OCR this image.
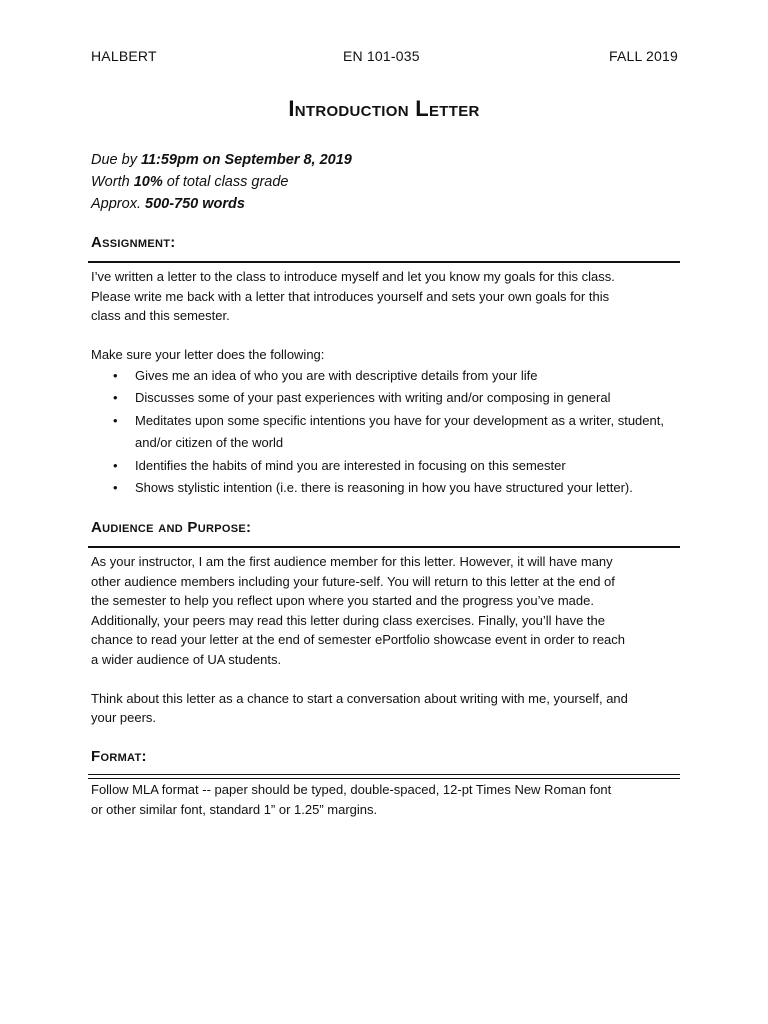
HALBERT	EN 101-035	FALL 2019
Introduction Letter
Due by 11:59pm on September 8, 2019
Worth 10% of total class grade
Approx. 500-750 words
Assignment:

I’ve written a letter to the class to introduce myself and let you know my goals for this class.

Please write me back with a letter that introduces yourself and sets your own goals for this

class and this semester.

Make sure your letter does the following:

• Gives me an idea of who you are with descriptive details from your life
• Discusses some of your past experiences with writing and/or composing in general
• Meditates upon some specific intentions you have for your development as a writer, student, and/or citizen of the world
• Identifies the habits of mind you are interested in focusing on this semester
• Shows stylistic intention (i.e. there is reasoning in how you have structured your letter).
Audience and Purpose:

As your instructor, I am the first audience member for this letter. However, it will have many

other audience members including your future-self. You will return to this letter at the end of

the semester to help you reflect upon where you started and the progress you’ve made.

Additionally, your peers may read this letter during class exercises. Finally, you’ll have the

chance to read your letter at the end of semester ePortfolio showcase event in order to reach

a wider audience of UA students.

Think about this letter as a chance to start a conversation about writing with me, yourself, and

your peers.

Format:

Follow MLA format -- paper should be typed, double-spaced, 12-pt Times New Roman font

or other similar font, standard 1” or 1.25” margins.
